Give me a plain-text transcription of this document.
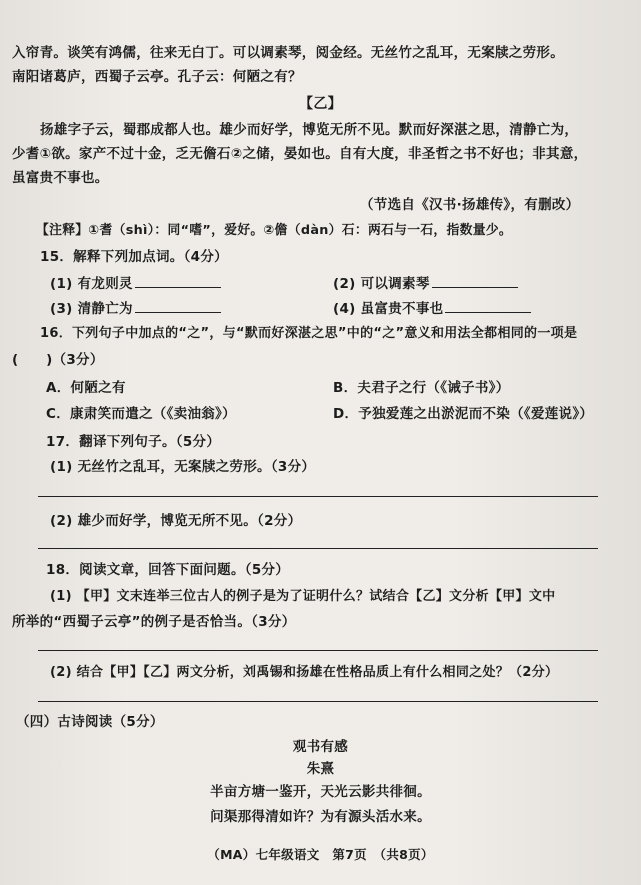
入帘青。谈笑有鸿儒，往来无白丁。可以调素琴，阅金经。无丝竹之乱耳，无案牍之劳形。
南阳诸葛庐，西蜀子云亭。孔子云：何陋之有？
【乙】
扬雄字子云，蜀郡成都人也。雄少而好学，博览无所不见。默而好深湛之思，清静亡为，
少耆①欲。家产不过十金，乏无儋石②之储，晏如也。自有大度，非圣哲之书不好也；非其意，
虽富贵不事也。
（节选自《汉书·扬雄传》，有删改）
【注释】①耆（shì）：同“嗜”，爱好。②儋（dàn）石：两石与一石，指数量少。
15．解释下列加点词。（4分）
(1) 有龙则灵	(2) 可以调素琴
(3) 清静亡为	(4) 虽富贵不事也
16．下列句子中加点的“之”，与“默而好深湛之思”中的“之”意义和用法全都相同的一项是
(　　)（3分）
A．何陋之有	B．夫君子之行（《诫子书》）
C．康肃笑而遣之（《卖油翁》）	D．予独爱莲之出淤泥而不染（《爱莲说》）
17．翻译下列句子。（5分）
(1) 无丝竹之乱耳，无案牍之劳形。（3分）
(2) 雄少而好学，博览无所不见。（2分）
18．阅读文章，回答下面问题。（5分）
(1) 【甲】文末连举三位古人的例子是为了证明什么？试结合【乙】文分析【甲】文中
所举的“西蜀子云亭”的例子是否恰当。（3分）
(2) 结合【甲】【乙】两文分析，刘禹锡和扬雄在性格品质上有什么相同之处？（2分）
（四）古诗阅读（5分）
观书有感
朱熹
半亩方塘一鉴开，天光云影共徘徊。
问渠那得清如许？为有源头活水来。
（MA）七年级语文　第7页　（共8页）
